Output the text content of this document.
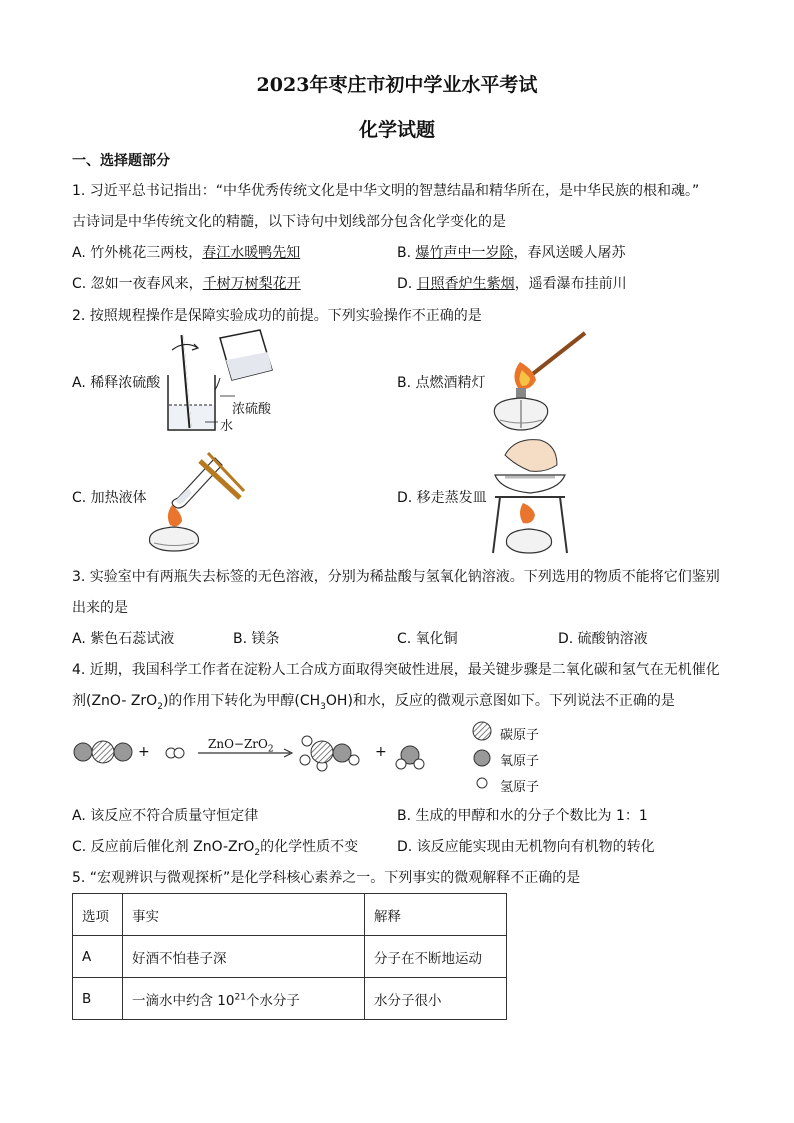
2023年枣庄市初中学业水平考试
化学试题
一、选择题部分
1. 习近平总书记指出：“中华优秀传统文化是中华文明的智慧结晶和精华所在，是中华民族的根和魂。”
古诗词是中华传统文化的精髓，以下诗句中划线部分包含化学变化的是
A. 竹外桃花三两枝，春江水暖鸭先知	B. 爆竹声中一岁除，春风送暖人屠苏
C. 忽如一夜春风来，千树万树梨花开	D. 日照香炉生紫烟，遥看瀑布挂前川
2. 按照规程操作是保障实验成功的前提。下列实验操作不正确的是
A. 稀释浓硫酸	B. 点燃酒精灯
C. 加热液体	D. 移走蒸发皿
浓硫酸
水
3. 实验室中有两瓶失去标签的无色溶液，分别为稀盐酸与氢氧化钠溶液。下列选用的物质不能将它们鉴别
出来的是
A. 紫色石蕊试液	B. 镁条	C. 氧化铜	D. 硫酸钠溶液
4. 近期，我国科学工作者在淀粉人工合成方面取得突破性进展，最关键步骤是二氧化碳和氢气在无机催化
剂(ZnO- ZrO$_2$)的作用下转化为甲醇$(CH_3OH)$和水，反应的微观示意图如下。下列说法不正确的是
+	+
ZnO−ZrO$_2$
碳原子
氧原子
氢原子
A. 该反应不符合质量守恒定律	B. 生成的甲醇和水的分子个数比为 1：1
C. 反应前后催化剂 ZnO-ZrO$_2$的化学性质不变	D. 该反应能实现由无机物向有机物的转化
5. “宏观辨识与微观探析”是化学科核心素养之一。下列事实的微观解释不正确的是
选项	事实	解释
A	好酒不怕巷子深	分子在不断地运动
B	一滴水中约含 $10^{21}$个水分子	水分子很小
